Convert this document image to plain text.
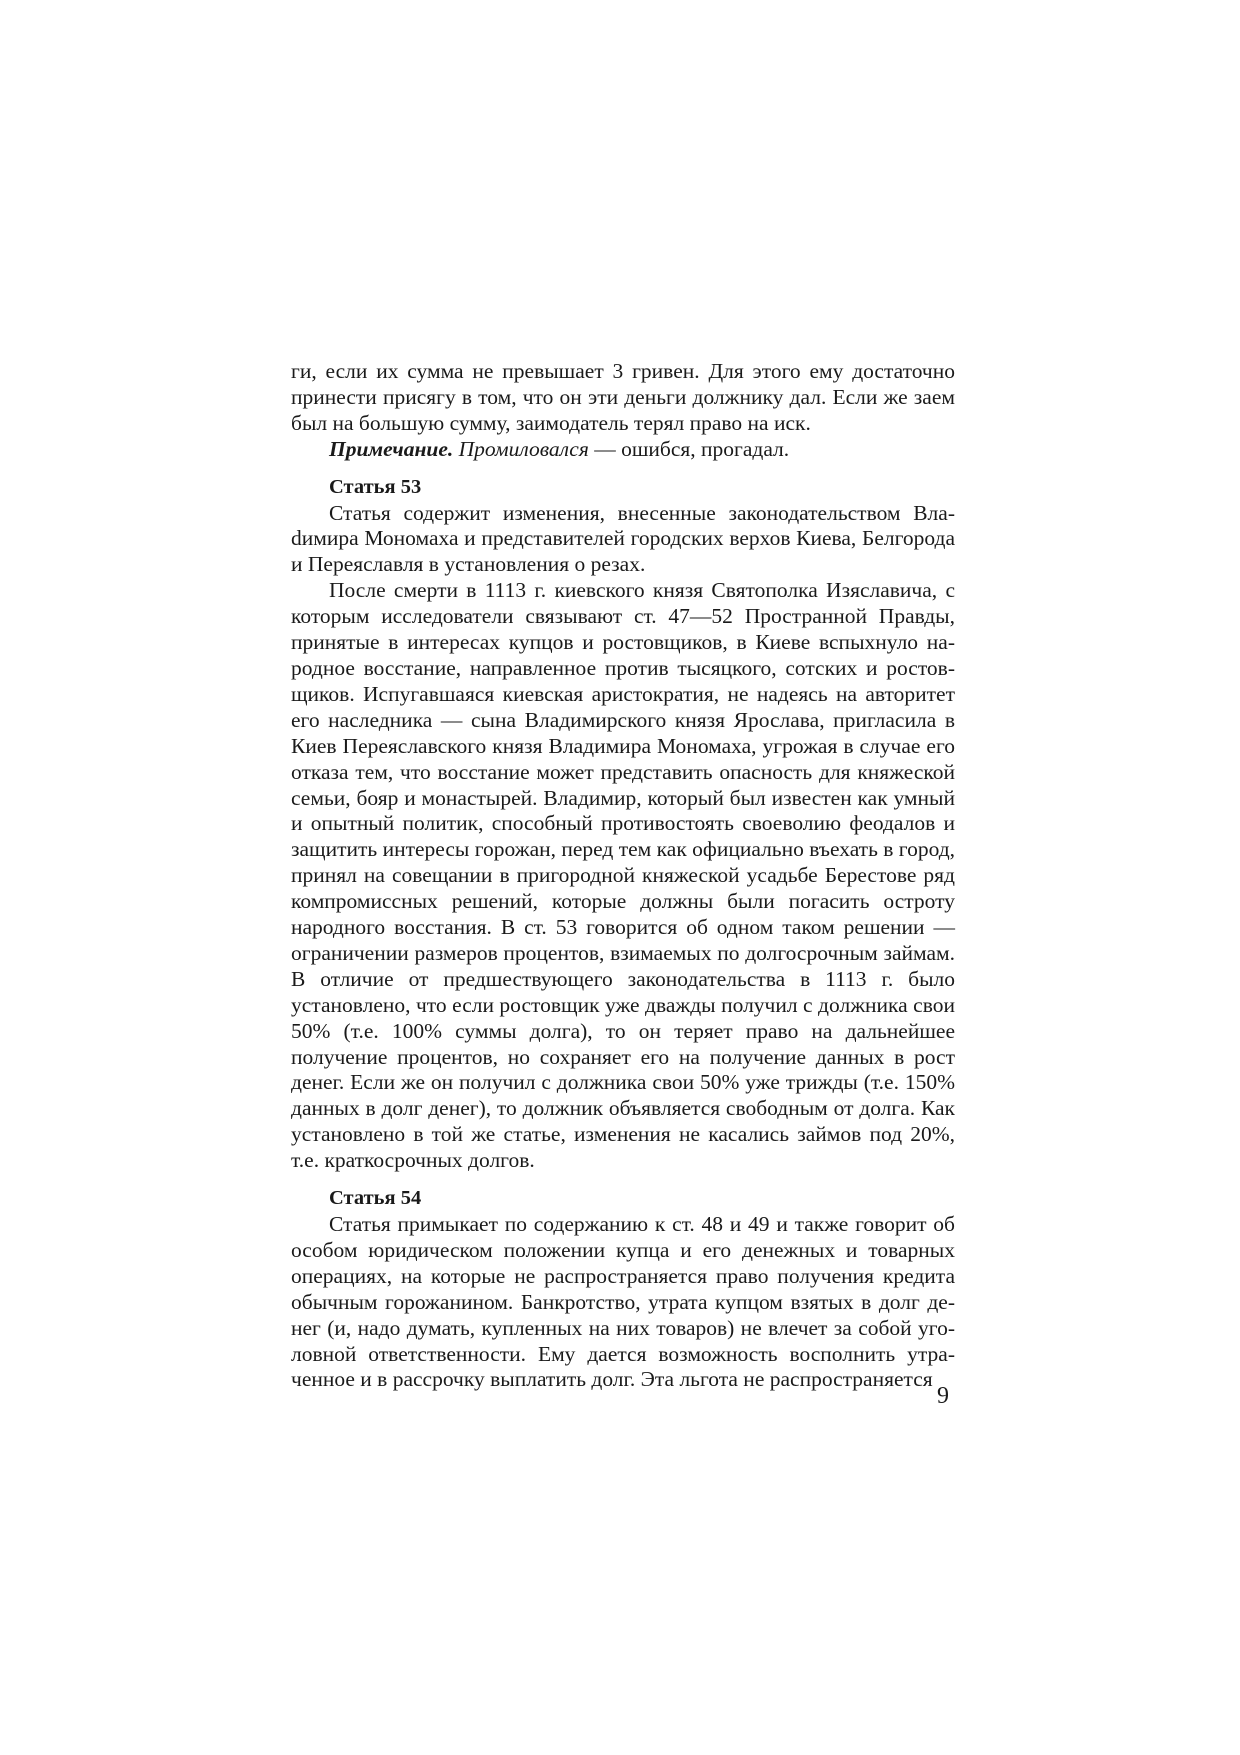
ги, если их сумма не превышает 3 гривен. Для этого ему достаточно принести присягу в том, что он эти деньги должнику дал. Если же заем был на большую сумму, заимодатель терял право на иск.

Примечание. Промиловался — ошибся, прогадал.

Статья 53

Статья содержит изменения, внесенные законодательством Влаdимира Мономаха и представителей городских верхов Киева, Белгорода и Переяславля в установления о резах.

После смерти в 1113 г. киевского князя Святополка Изяславича, с которым исследователи связывают ст. 47—52 Пространной Правды, принятые в интересах купцов и ростовщиков, в Киеве вспыхнуло народное восстание, направленное против тысяцкого, сотских и ростовщиков. Испугавшаяся киевская аристократия, не надеясь на авторитет его наследника — сына Владимирского князя Ярослава, пригласила в Киев Переяславского князя Владимира Мономаха, угрожая в случае его отказа тем, что восстание может представить опасность для княжеской семьи, бояр и монастырей. Владимир, который был известен как умный и опытный политик, способный противостоять своеволию феодалов и защитить интересы горожан, перед тем как официально въехать в город, принял на совещании в пригородной княжеской усадьбе Берестове ряд компромиссных решений, которые должны были погасить остроту народного восстания. В ст. 53 говорится об одном таком решении — ограничении размеров процентов, взимаемых по долгосрочным займам. В отличие от предшествующего законодательства в 1113 г. было установлено, что если ростовщик уже дважды получил с должника свои 50% (т.е. 100% суммы долга), то он теряет право на дальнейшее получение процентов, но сохраняет его на получение данных в рост денег. Если же он получил с должника свои 50% уже трижды (т.е. 150% данных в долг денег), то должник объявляется свободным от долга. Как установлено в той же статье, изменения не касались займов под 20%, т.е. краткосрочных долгов.

Статья 54

Статья примыкает по содержанию к ст. 48 и 49 и также говорит об особом юридическом положении купца и его денежных и товарных операциях, на которые не распространяется право получения кредита обычным горожанином. Банкротство, утрата купцом взятых в долг денег (и, надо думать, купленных на них товаров) не влечет за собой уголовной ответственности. Ему дается возможность восполнить утраченное и в рассрочку выплатить долг. Эта льгота не распространяется

9
